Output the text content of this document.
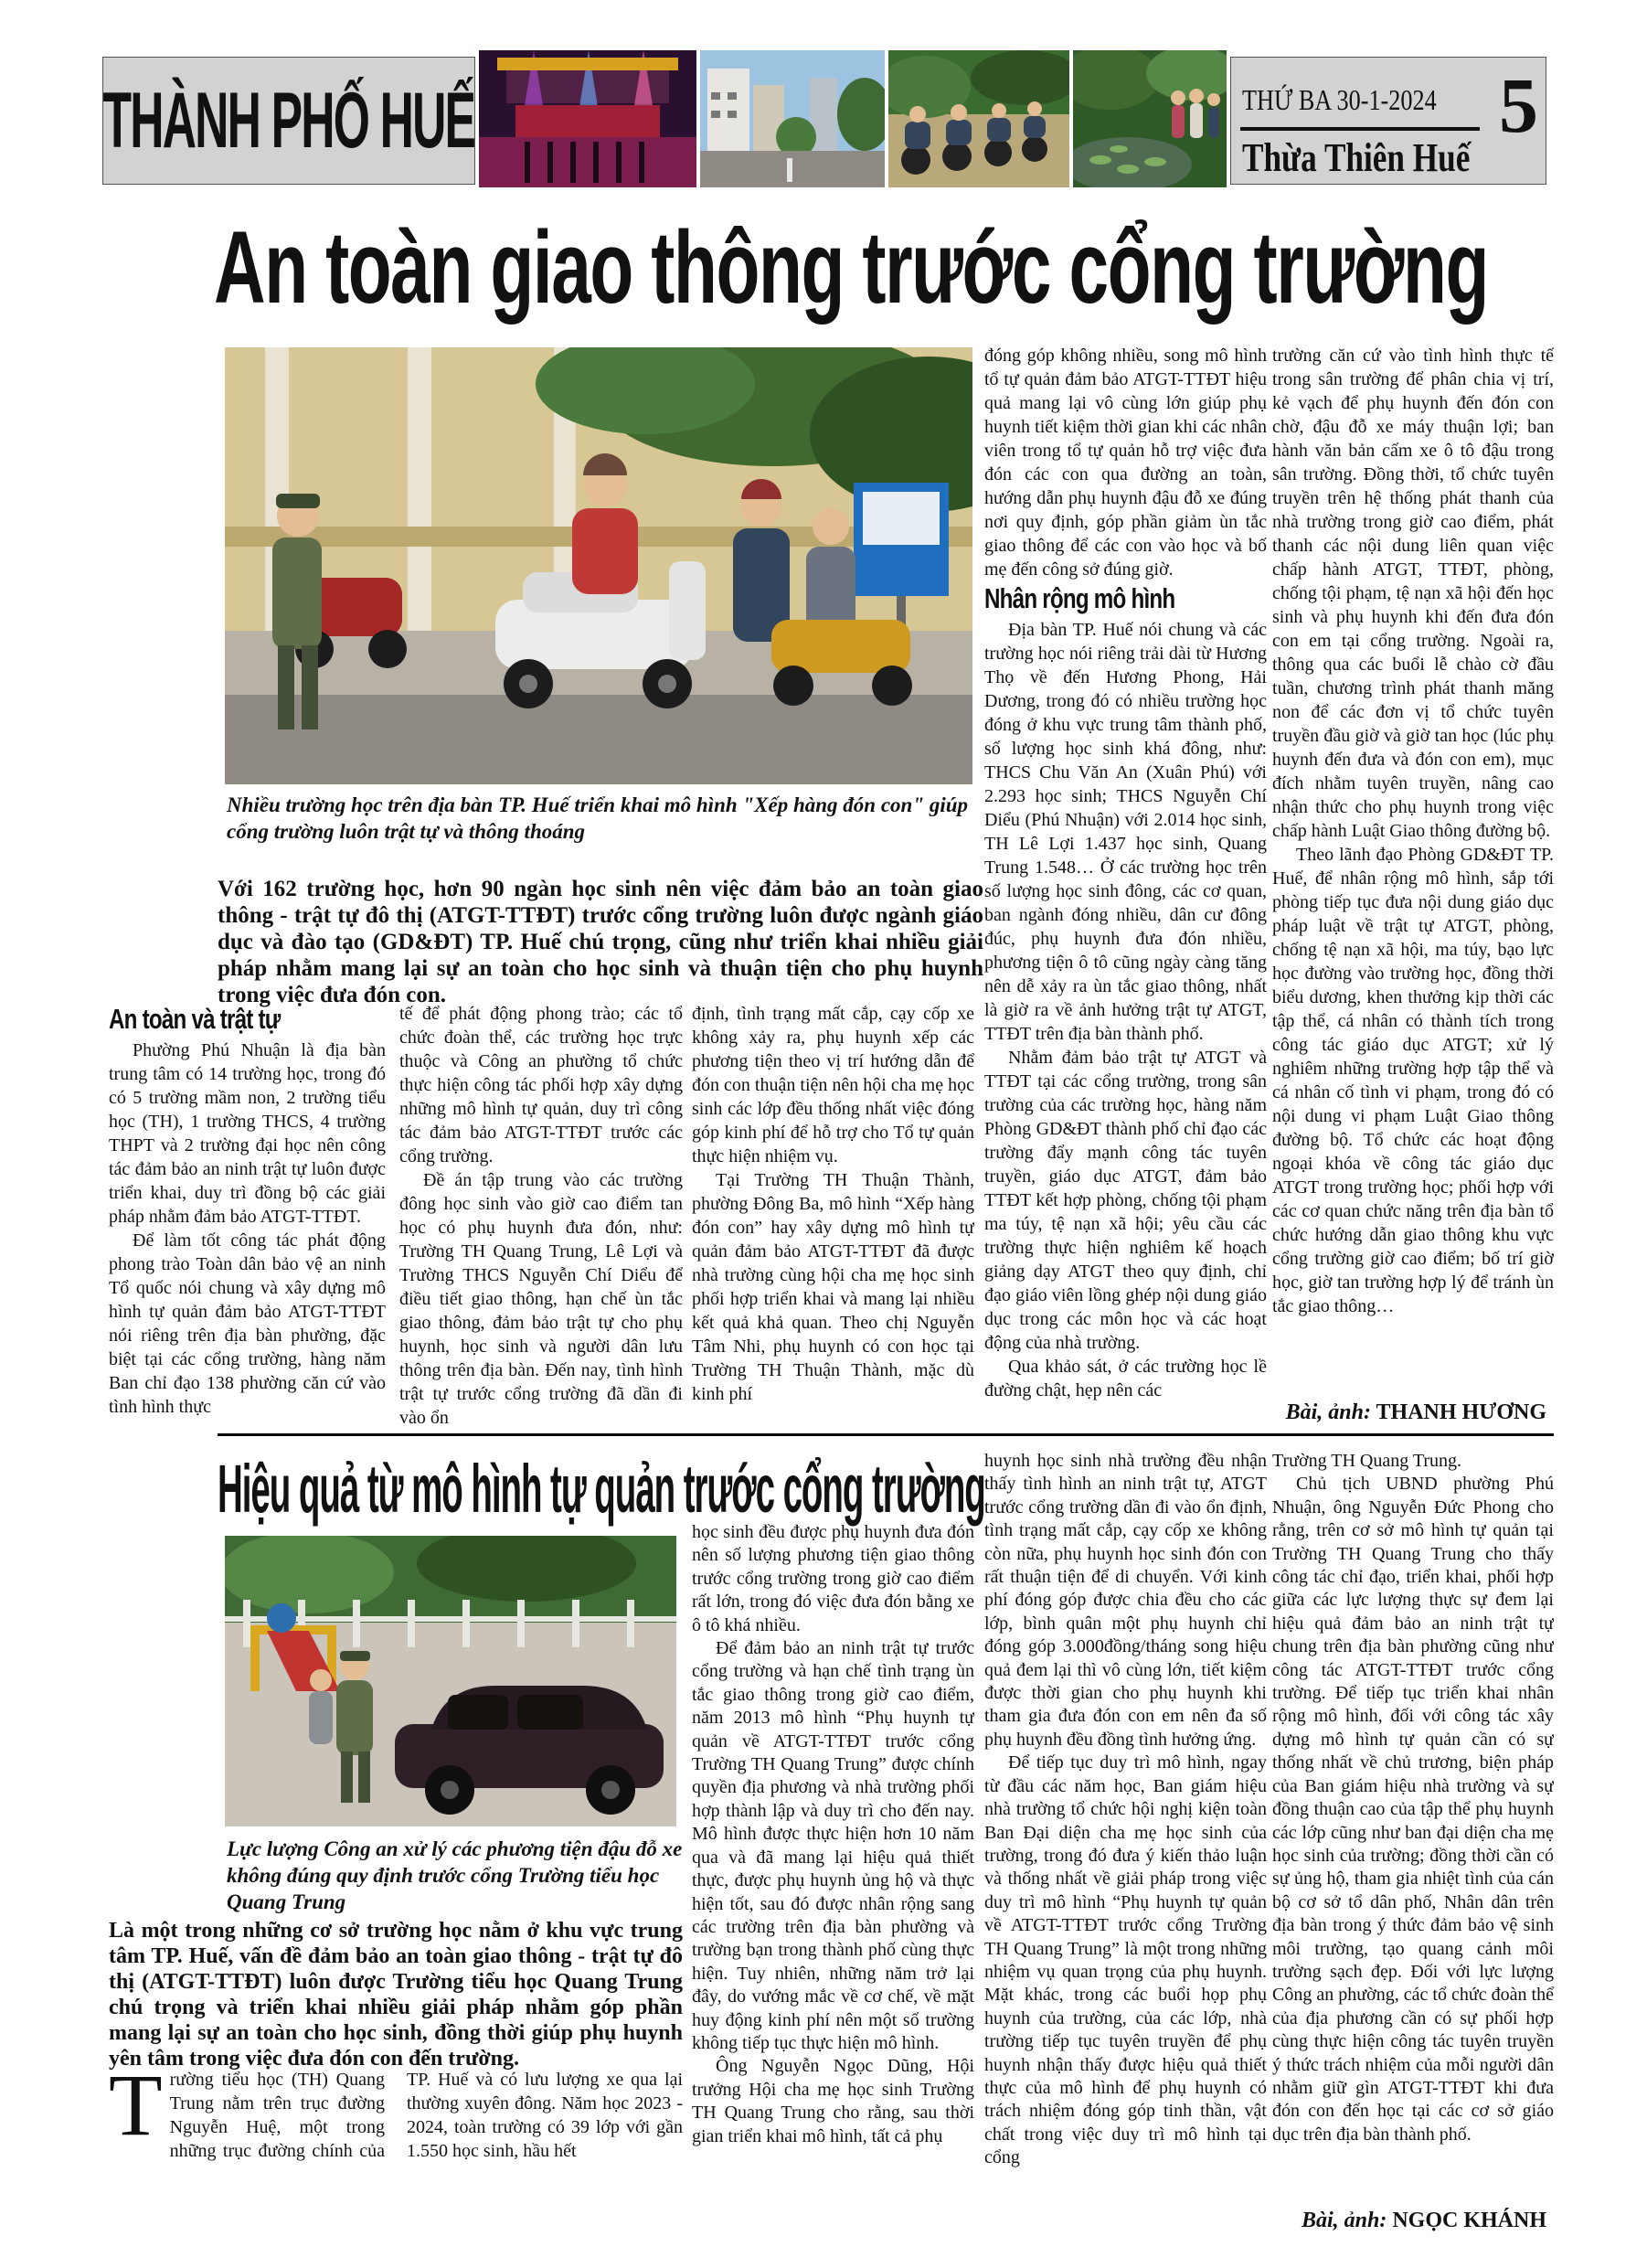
THÀNH PHỐ HUẾ	THỨ BA 30-1-2024 5
Thừa Thiên Huế
An toàn giao thông trước cổng trường
Nhiều trường học trên địa bàn TP. Huế triển khai mô hình "Xếp hàng đón con" giúp cổng trường luôn trật tự và thông thoáng
Với 162 trường học, hơn 90 ngàn học sinh nên việc đảm bảo an toàn giao thông - trật tự đô thị (ATGT-TTĐT) trước cổng trường luôn được ngành giáo dục và đào tạo (GD&ĐT) TP. Huế chú trọng, cũng như triển khai nhiều giải pháp nhằm mang lại sự an toàn cho học sinh và thuận tiện cho phụ huynh trong việc đưa đón con.
An toàn và trật tự

Phường Phú Nhuận là địa bàn trung tâm có 14 trường học, trong đó có 5 trường mầm non, 2 trường tiểu học (TH), 1 trường THCS, 4 trường THPT và 2 trường đại học nên công tác đảm bảo an ninh trật tự luôn được triển khai, duy trì đồng bộ các giải pháp nhằm đảm bảo ATGT-TTĐT.

Để làm tốt công tác phát động phong trào Toàn dân bảo vệ an ninh Tổ quốc nói chung và xây dựng mô hình tự quản đảm bảo ATGT-TTĐT nói riêng trên địa bàn phường, đặc biệt tại các cổng trường, hàng năm Ban chỉ đạo 138 phường căn cứ vào tình hình thực

tế để phát động phong trào; các tổ chức đoàn thể, các trường học trực thuộc và Công an phường tổ chức thực hiện công tác phối hợp xây dựng những mô hình tự quản, duy trì công tác đảm bảo ATGT-TTĐT trước các cổng trường.

Đề án tập trung vào các trường đông học sinh vào giờ cao điểm tan học có phụ huynh đưa đón, như: Trường TH Quang Trung, Lê Lợi và Trường THCS Nguyễn Chí Diểu để điều tiết giao thông, hạn chế ùn tắc giao thông, đảm bảo trật tự cho phụ huynh, học sinh và người dân lưu thông trên địa bàn. Đến nay, tình hình trật tự trước cổng trường đã dần đi vào ổn

định, tình trạng mất cắp, cạy cốp xe không xảy ra, phụ huynh xếp các phương tiện theo vị trí hướng dẫn để đón con thuận tiện nên hội cha mẹ học sinh các lớp đều thống nhất việc đóng góp kinh phí để hỗ trợ cho Tổ tự quản thực hiện nhiệm vụ.

Tại Trường TH Thuận Thành, phường Đông Ba, mô hình “Xếp hàng đón con” hay xây dựng mô hình tự quản đảm bảo ATGT-TTĐT đã được nhà trường cùng hội cha mẹ học sinh phối hợp triển khai và mang lại nhiều kết quả khả quan. Theo chị Nguyễn Tâm Nhi, phụ huynh có con học tại Trường TH Thuận Thành, mặc dù kinh phí

đóng góp không nhiều, song mô hình tổ tự quản đảm bảo ATGT-TTĐT hiệu quả mang lại vô cùng lớn giúp phụ huynh tiết kiệm thời gian khi các nhân viên trong tổ tự quản hỗ trợ việc đưa đón các con qua đường an toàn, hướng dẫn phụ huynh đậu đỗ xe đúng nơi quy định, góp phần giảm ùn tắc giao thông để các con vào học và bố mẹ đến công sở đúng giờ.

Nhân rộng mô hình

Địa bàn TP. Huế nói chung và các trường học nói riêng trải dài từ Hương Thọ về đến Hương Phong, Hải Dương, trong đó có nhiều trường học đóng ở khu vực trung tâm thành phố, số lượng học sinh khá đông, như: THCS Chu Văn An (Xuân Phú) với 2.293 học sinh; THCS Nguyễn Chí Diểu (Phú Nhuận) với 2.014 học sinh, TH Lê Lợi 1.437 học sinh, Quang Trung 1.548… Ở các trường học trên số lượng học sinh đông, các cơ quan, ban ngành đóng nhiều, dân cư đông đúc, phụ huynh đưa đón nhiều, phương tiện ô tô cũng ngày càng tăng nên dễ xảy ra ùn tắc giao thông, nhất là giờ ra về ảnh hưởng trật tự ATGT, TTĐT trên địa bàn thành phố.

Nhằm đảm bảo trật tự ATGT và TTĐT tại các cổng trường, trong sân trường của các trường học, hàng năm Phòng GD&ĐT thành phố chỉ đạo các trường đẩy mạnh công tác tuyên truyền, giáo dục ATGT, đảm bảo TTĐT kết hợp phòng, chống tội phạm ma túy, tệ nạn xã hội; yêu cầu các trường thực hiện nghiêm kế hoạch giảng dạy ATGT theo quy định, chỉ đạo giáo viên lồng ghép nội dung giáo dục trong các môn học và các hoạt động của nhà trường.

Qua khảo sát, ở các trường học lề đường chật, hẹp nên các

trường căn cứ vào tình hình thực tế trong sân trường để phân chia vị trí, kẻ vạch để phụ huynh đến đón con chờ, đậu đỗ xe máy thuận lợi; ban hành văn bản cấm xe ô tô đậu trong sân trường. Đồng thời, tổ chức tuyên truyền trên hệ thống phát thanh của nhà trường trong giờ cao điểm, phát thanh các nội dung liên quan việc chấp hành ATGT, TTĐT, phòng, chống tội phạm, tệ nạn xã hội đến học sinh và phụ huynh khi đến đưa đón con em tại cổng trường. Ngoài ra, thông qua các buổi lễ chào cờ đầu tuần, chương trình phát thanh măng non để các đơn vị tổ chức tuyên truyền đầu giờ và giờ tan học (lúc phụ huynh đến đưa và đón con em), mục đích nhằm tuyên truyền, nâng cao nhận thức cho phụ huynh trong việc chấp hành Luật Giao thông đường bộ.

Theo lãnh đạo Phòng GD&ĐT TP. Huế, để nhân rộng mô hình, sắp tới phòng tiếp tục đưa nội dung giáo dục pháp luật về trật tự ATGT, phòng, chống tệ nạn xã hội, ma túy, bạo lực học đường vào trường học, đồng thời biểu dương, khen thưởng kịp thời các tập thể, cá nhân có thành tích trong công tác giáo dục ATGT; xử lý nghiêm những trường hợp tập thể và cá nhân cố tình vi phạm, trong đó có nội dung vi phạm Luật Giao thông đường bộ. Tổ chức các hoạt động ngoại khóa về công tác giáo dục ATGT trong trường học; phối hợp với các cơ quan chức năng trên địa bàn tổ chức hướng dẫn giao thông khu vực cổng trường giờ cao điểm; bố trí giờ học, giờ tan trường hợp lý để tránh ùn tắc giao thông…

Bài, ảnh: THANH HƯƠNG
Hiệu quả từ mô hình tự quản trước cổng trường
Lực lượng Công an xử lý các phương tiện đậu đỗ xe không đúng quy định trước cổng Trường tiểu học Quang Trung
Là một trong những cơ sở trường học nằm ở khu vực trung tâm TP. Huế, vấn đề đảm bảo an toàn giao thông - trật tự đô thị (ATGT-TTĐT) luôn được Trường tiểu học Quang Trung chú trọng và triển khai nhiều giải pháp nhằm góp phần mang lại sự an toàn cho học sinh, đồng thời giúp phụ huynh yên tâm trong việc đưa đón con đến trường.
Trường tiểu học (TH) Quang Trung nằm trên trục đường Nguyễn Huệ, một trong những trục đường chính của TP. Huế và có lưu lượng xe qua lại thường xuyên đông. Năm học 2023 - 2024, toàn trường có 39 lớp với gần 1.550 học sinh, hầu hết

học sinh đều được phụ huynh đưa đón nên số lượng phương tiện giao thông trước cổng trường trong giờ cao điểm rất lớn, trong đó việc đưa đón bằng xe ô tô khá nhiều.

Để đảm bảo an ninh trật tự trước cổng trường và hạn chế tình trạng ùn tắc giao thông trong giờ cao điểm, năm 2013 mô hình “Phụ huynh tự quản về ATGT-TTĐT trước cổng Trường TH Quang Trung” được chính quyền địa phương và nhà trường phối hợp thành lập và duy trì cho đến nay. Mô hình được thực hiện hơn 10 năm qua và đã mang lại hiệu quả thiết thực, được phụ huynh ủng hộ và thực hiện tốt, sau đó được nhân rộng sang các trường trên địa bàn phường và trường bạn trong thành phố cùng thực hiện. Tuy nhiên, những năm trở lại đây, do vướng mắc về cơ chế, về mặt huy động kinh phí nên một số trường không tiếp tục thực hiện mô hình.

Ông Nguyễn Ngọc Dũng, Hội trưởng Hội cha mẹ học sinh Trường TH Quang Trung cho rằng, sau thời gian triển khai mô hình, tất cả phụ

huynh học sinh nhà trường đều nhận thấy tình hình an ninh trật tự, ATGT trước cổng trường dần đi vào ổn định, tình trạng mất cắp, cạy cốp xe không còn nữa, phụ huynh học sinh đón con rất thuận tiện để di chuyển. Với kinh phí đóng góp được chia đều cho các lớp, bình quân một phụ huynh chỉ đóng góp 3.000đồng/tháng song hiệu quả đem lại thì vô cùng lớn, tiết kiệm được thời gian cho phụ huynh khi tham gia đưa đón con em nên đa số phụ huynh đều đồng tình hưởng ứng.

Để tiếp tục duy trì mô hình, ngay từ đầu các năm học, Ban giám hiệu nhà trường tổ chức hội nghị kiện toàn Ban Đại diện cha mẹ học sinh của trường, trong đó đưa ý kiến thảo luận và thống nhất về giải pháp trong việc duy trì mô hình “Phụ huynh tự quản về ATGT-TTĐT trước cổng Trường TH Quang Trung” là một trong những nhiệm vụ quan trọng của phụ huynh. Mặt khác, trong các buổi họp phụ huynh của trường, của các lớp, nhà trường tiếp tục tuyên truyền để phụ huynh nhận thấy được hiệu quả thiết thực của mô hình để phụ huynh có trách nhiệm đóng góp tinh thần, vật chất trong việc duy trì mô hình tại cổng

Trường TH Quang Trung.

Chủ tịch UBND phường Phú Nhuận, ông Nguyễn Đức Phong cho rằng, trên cơ sở mô hình tự quản tại Trường TH Quang Trung cho thấy công tác chỉ đạo, triển khai, phối hợp giữa các lực lượng thực sự đem lại hiệu quả đảm bảo an ninh trật tự chung trên địa bàn phường cũng như công tác ATGT-TTĐT trước cổng trường. Để tiếp tục triển khai nhân rộng mô hình, đối với công tác xây dựng mô hình tự quản cần có sự thống nhất về chủ trương, biện pháp của Ban giám hiệu nhà trường và sự đồng thuận cao của tập thể phụ huynh các lớp cũng như ban đại diện cha mẹ học sinh của trường; đồng thời cần có sự ủng hộ, tham gia nhiệt tình của cán bộ cơ sở tổ dân phố, Nhân dân trên địa bàn trong ý thức đảm bảo vệ sinh môi trường, tạo quang cảnh môi trường sạch đẹp. Đối với lực lượng Công an phường, các tổ chức đoàn thể của địa phương cần có sự phối hợp cùng thực hiện công tác tuyên truyền ý thức trách nhiệm của mỗi người dân nhằm giữ gìn ATGT-TTĐT khi đưa đón con đến học tại các cơ sở giáo dục trên địa bàn thành phố.

Bài, ảnh: NGỌC KHÁNH
